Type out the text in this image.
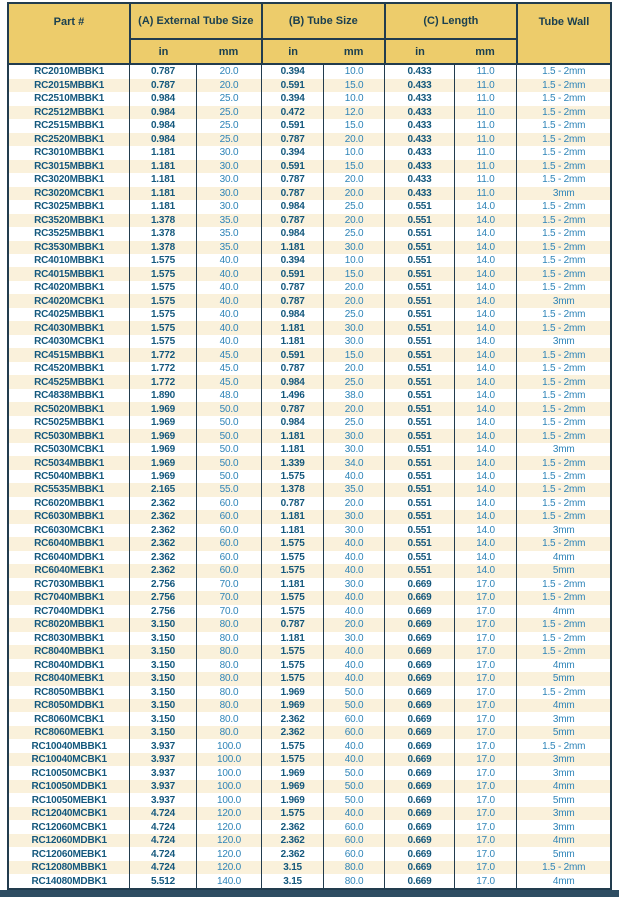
Part #	(A) External Tube Size		(B) Tube Size		(C) Length		Tube Wall
	in	mm	in	mm	in	mm	
RC2010MBBK1	0.787	20.0	0.394	10.0	0.433	11.0	1.5 - 2mm
RC2015MBBK1	0.787	20.0	0.591	15.0	0.433	11.0	1.5 - 2mm
RC2510MBBK1	0.984	25.0	0.394	10.0	0.433	11.0	1.5 - 2mm
RC2512MBBK1	0.984	25.0	0.472	12.0	0.433	11.0	1.5 - 2mm
RC2515MBBK1	0.984	25.0	0.591	15.0	0.433	11.0	1.5 - 2mm
RC2520MBBK1	0.984	25.0	0.787	20.0	0.433	11.0	1.5 - 2mm
RC3010MBBK1	1.181	30.0	0.394	10.0	0.433	11.0	1.5 - 2mm
RC3015MBBK1	1.181	30.0	0.591	15.0	0.433	11.0	1.5 - 2mm
RC3020MBBK1	1.181	30.0	0.787	20.0	0.433	11.0	1.5 - 2mm
RC3020MCBK1	1.181	30.0	0.787	20.0	0.433	11.0	3mm
RC3025MBBK1	1.181	30.0	0.984	25.0	0.551	14.0	1.5 - 2mm
RC3520MBBK1	1.378	35.0	0.787	20.0	0.551	14.0	1.5 - 2mm
RC3525MBBK1	1.378	35.0	0.984	25.0	0.551	14.0	1.5 - 2mm
RC3530MBBK1	1.378	35.0	1.181	30.0	0.551	14.0	1.5 - 2mm
RC4010MBBK1	1.575	40.0	0.394	10.0	0.551	14.0	1.5 - 2mm
RC4015MBBK1	1.575	40.0	0.591	15.0	0.551	14.0	1.5 - 2mm
RC4020MBBK1	1.575	40.0	0.787	20.0	0.551	14.0	1.5 - 2mm
RC4020MCBK1	1.575	40.0	0.787	20.0	0.551	14.0	3mm
RC4025MBBK1	1.575	40.0	0.984	25.0	0.551	14.0	1.5 - 2mm
RC4030MBBK1	1.575	40.0	1.181	30.0	0.551	14.0	1.5 - 2mm
RC4030MCBK1	1.575	40.0	1.181	30.0	0.551	14.0	3mm
RC4515MBBK1	1.772	45.0	0.591	15.0	0.551	14.0	1.5 - 2mm
RC4520MBBK1	1.772	45.0	0.787	20.0	0.551	14.0	1.5 - 2mm
RC4525MBBK1	1.772	45.0	0.984	25.0	0.551	14.0	1.5 - 2mm
RC4838MBBK1	1.890	48.0	1.496	38.0	0.551	14.0	1.5 - 2mm
RC5020MBBK1	1.969	50.0	0.787	20.0	0.551	14.0	1.5 - 2mm
RC5025MBBK1	1.969	50.0	0.984	25.0	0.551	14.0	1.5 - 2mm
RC5030MBBK1	1.969	50.0	1.181	30.0	0.551	14.0	1.5 - 2mm
RC5030MCBK1	1.969	50.0	1.181	30.0	0.551	14.0	3mm
RC5034MBBK1	1.969	50.0	1.339	34.0	0.551	14.0	1.5 - 2mm
RC5040MBBK1	1.969	50.0	1.575	40.0	0.551	14.0	1.5 - 2mm
RC5535MBBK1	2.165	55.0	1.378	35.0	0.551	14.0	1.5 - 2mm
RC6020MBBK1	2.362	60.0	0.787	20.0	0.551	14.0	1.5 - 2mm
RC6030MBBK1	2.362	60.0	1.181	30.0	0.551	14.0	1.5 - 2mm
RC6030MCBK1	2.362	60.0	1.181	30.0	0.551	14.0	3mm
RC6040MBBK1	2.362	60.0	1.575	40.0	0.551	14.0	1.5 - 2mm
RC6040MDBK1	2.362	60.0	1.575	40.0	0.551	14.0	4mm
RC6040MEBK1	2.362	60.0	1.575	40.0	0.551	14.0	5mm
RC7030MBBK1	2.756	70.0	1.181	30.0	0.669	17.0	1.5 - 2mm
RC7040MBBK1	2.756	70.0	1.575	40.0	0.669	17.0	1.5 - 2mm
RC7040MDBK1	2.756	70.0	1.575	40.0	0.669	17.0	4mm
RC8020MBBK1	3.150	80.0	0.787	20.0	0.669	17.0	1.5 - 2mm
RC8030MBBK1	3.150	80.0	1.181	30.0	0.669	17.0	1.5 - 2mm
RC8040MBBK1	3.150	80.0	1.575	40.0	0.669	17.0	1.5 - 2mm
RC8040MDBK1	3.150	80.0	1.575	40.0	0.669	17.0	4mm
RC8040MEBK1	3.150	80.0	1.575	40.0	0.669	17.0	5mm
RC8050MBBK1	3.150	80.0	1.969	50.0	0.669	17.0	1.5 - 2mm
RC8050MDBK1	3.150	80.0	1.969	50.0	0.669	17.0	4mm
RC8060MCBK1	3.150	80.0	2.362	60.0	0.669	17.0	3mm
RC8060MEBK1	3.150	80.0	2.362	60.0	0.669	17.0	5mm
RC10040MBBK1	3.937	100.0	1.575	40.0	0.669	17.0	1.5 - 2mm
RC10040MCBK1	3.937	100.0	1.575	40.0	0.669	17.0	3mm
RC10050MCBK1	3.937	100.0	1.969	50.0	0.669	17.0	3mm
RC10050MDBK1	3.937	100.0	1.969	50.0	0.669	17.0	4mm
RC10050MEBK1	3.937	100.0	1.969	50.0	0.669	17.0	5mm
RC12040MCBK1	4.724	120.0	1.575	40.0	0.669	17.0	3mm
RC12060MCBK1	4.724	120.0	2.362	60.0	0.669	17.0	3mm
RC12060MDBK1	4.724	120.0	2.362	60.0	0.669	17.0	4mm
RC12060MEBK1	4.724	120.0	2.362	60.0	0.669	17.0	5mm
RC12080MBBK1	4.724	120.0	3.15	80.0	0.669	17.0	1.5 - 2mm
RC14080MDBK1	5.512	140.0	3.15	80.0	0.669	17.0	4mm
